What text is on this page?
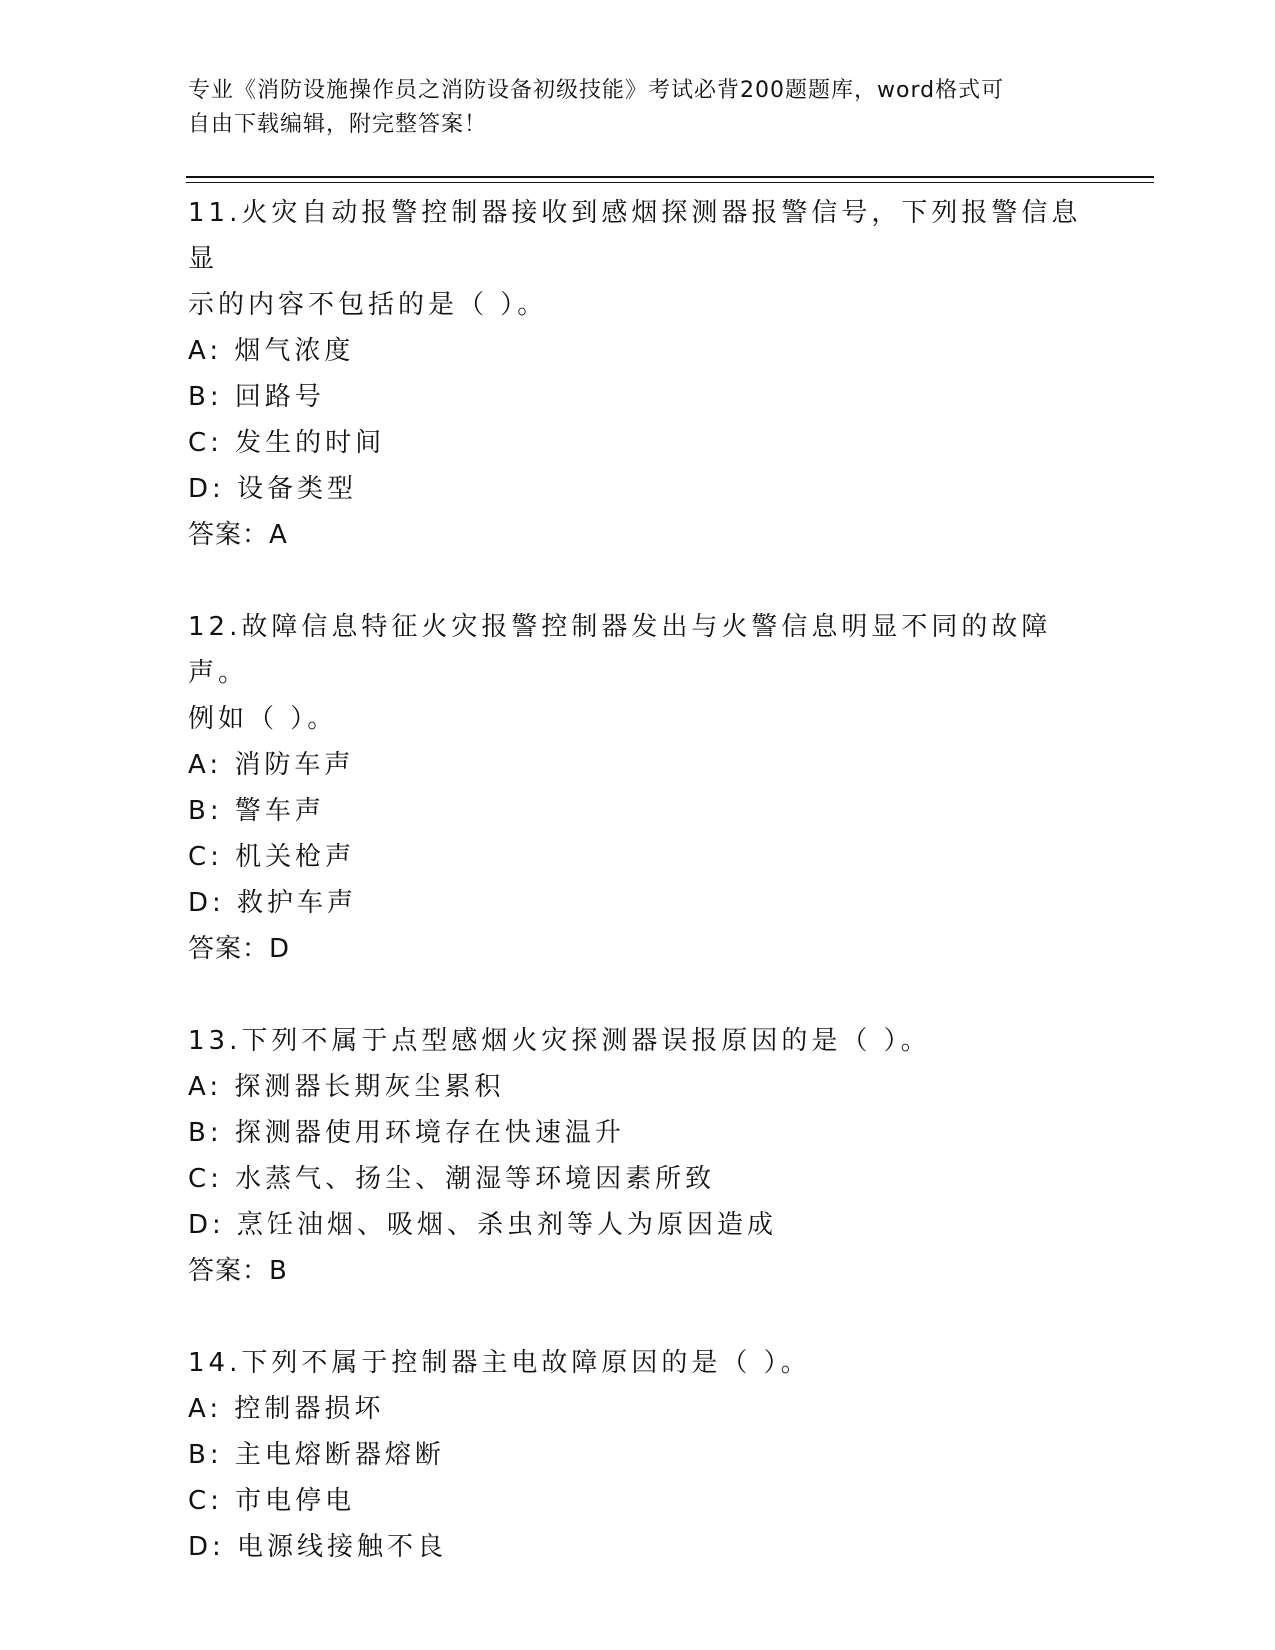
专业《消防设施操作员之消防设备初级技能》考试必背200题题库，word格式可
自由下载编辑，附完整答案！

11.火灾自动报警控制器接收到感烟探测器报警信号，下列报警信息显

示的内容不包括的是（ ）。

A: 烟气浓度

B: 回路号

C: 发生的时间

D: 设备类型

答案：A

12.故障信息特征火灾报警控制器发出与火警信息明显不同的故障声。

例如（ ）。

A: 消防车声

B: 警车声

C: 机关枪声

D: 救护车声

答案：D

13.下列不属于点型感烟火灾探测器误报原因的是（ ）。

A: 探测器长期灰尘累积

B: 探测器使用环境存在快速温升

C: 水蒸气、扬尘、潮湿等环境因素所致

D: 烹饪油烟、吸烟、杀虫剂等人为原因造成

答案：B

14.下列不属于控制器主电故障原因的是（ ）。

A: 控制器损坏

B: 主电熔断器熔断

C: 市电停电

D: 电源线接触不良
